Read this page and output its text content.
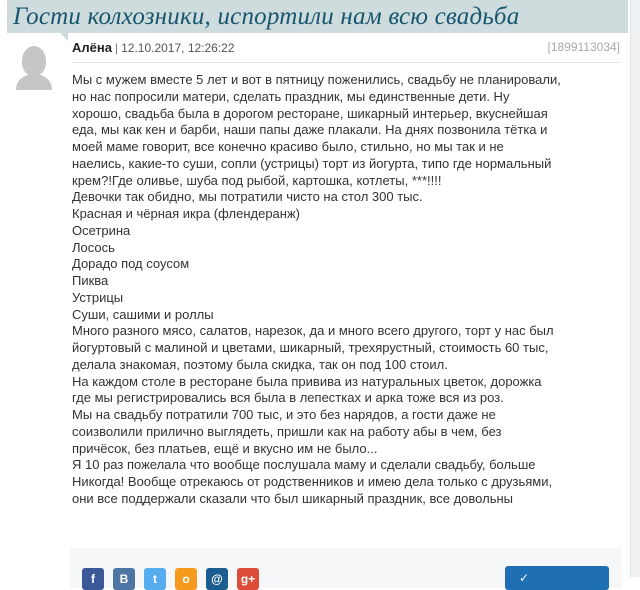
Гости колхозники, испортили нам всю свадьба
Алёна | 12.10.2017, 12:26:22	[1899113034]
Мы с мужем вместе 5 лет и вот в пятницу поженились, свадьбу не планировали,
но нас попросили матери, сделать праздник, мы единственные дети. Ну
хорошо, свадьба была в дорогом ресторане, шикарный интерьер, вкуснейшая
еда, мы как кен и барби, наши папы даже плакали. На днях позвонила тётка и
моей маме говорит, все конечно красиво было, стильно, но мы так и не
наелись, какие-то суши, сопли (устрицы) торт из йогурта, типо где нормальный
крем?!Где оливье, шуба под рыбой, картошка, котлеты, ***!!!!
Девочки так обидно, мы потратили чисто на стол 300 тыс.
Красная и чёрная икра (флендеранж)
Осетрина
Лосось
Дорадо под соусом
Пиква
Устрицы
Суши, сашими и роллы
Много разного мясо, салатов, нарезок, да и много всего другого, торт у нас был
йогуртовый с малиной и цветами, шикарный, трехярустный, стоимость 60 тыс,
делала знакомая, поэтому была скидка, так он под 100 стоил.
На каждом столе в ресторане была привива из натуральных цветок, дорожка
где мы регистрировались вся была в лепестках и арка тоже вся из роз.
Мы на свадьбу потратили 700 тыс, и это без нарядов, а гости даже не
соизволили прилично выглядеть, пришли как на работу абы в чем, без
причёсок, без платьев, ещё и вкусно им не было...
Я 10 раз пожелала что вообще послушала маму и сделали свадьбу, больше
Никогда! Вообще отрекаюсь от родственников и имею дела только с друзьями,
они все поддержали сказали что был шикарный праздник, все довольны
f	B	t	o	@	g+	✓
